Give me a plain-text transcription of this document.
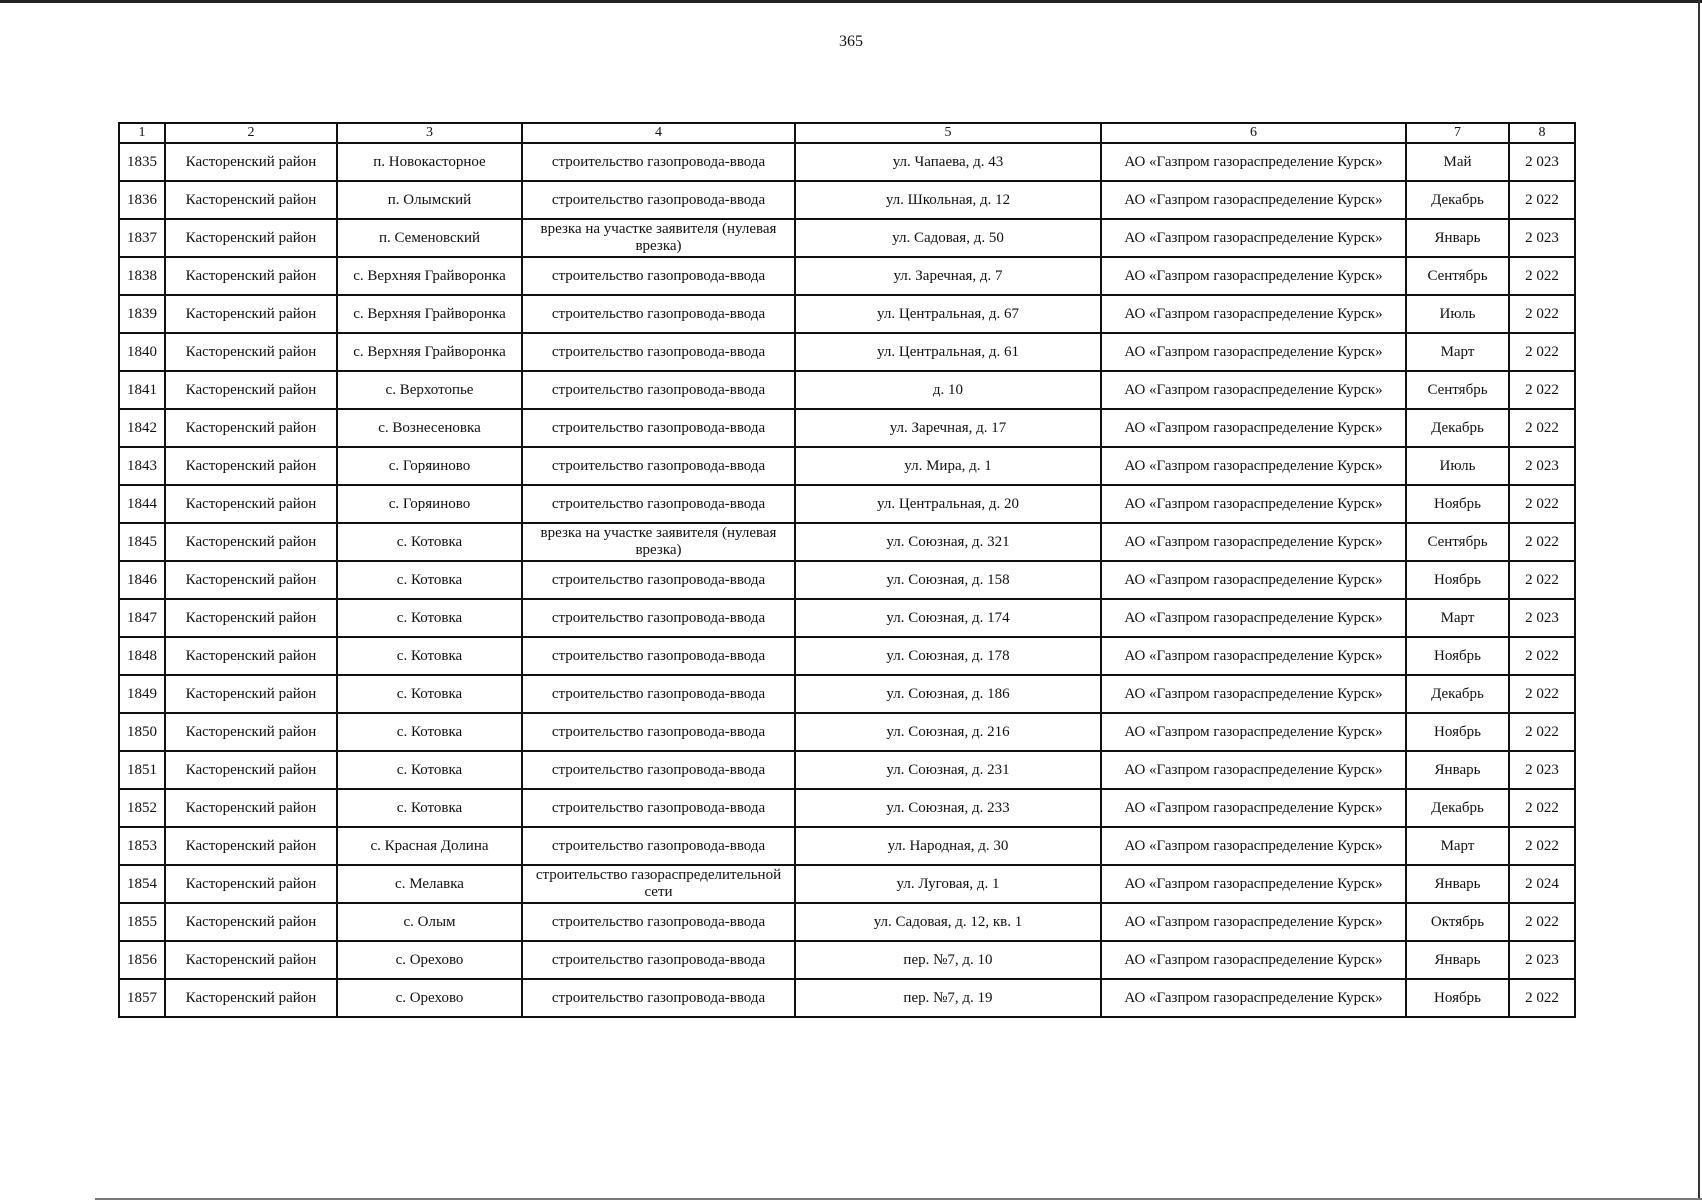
365
1	2	3	4	5	6	7	8
1835	Касторенский район	п. Новокасторное	строительство газопровода-ввода	ул. Чапаева, д. 43	АО «Газпром газораспределение Курск»	Май	2 023
1836	Касторенский район	п. Олымский	строительство газопровода-ввода	ул. Школьная, д. 12	АО «Газпром газораспределение Курск»	Декабрь	2 022
1837	Касторенский район	п. Семеновский	врезка на участке заявителя (нулевая врезка)	ул. Садовая, д. 50	АО «Газпром газораспределение Курск»	Январь	2 023
1838	Касторенский район	с. Верхняя Грайворонка	строительство газопровода-ввода	ул. Заречная, д. 7	АО «Газпром газораспределение Курск»	Сентябрь	2 022
1839	Касторенский район	с. Верхняя Грайворонка	строительство газопровода-ввода	ул. Центральная, д. 67	АО «Газпром газораспределение Курск»	Июль	2 022
1840	Касторенский район	с. Верхняя Грайворонка	строительство газопровода-ввода	ул. Центральная, д. 61	АО «Газпром газораспределение Курск»	Март	2 022
1841	Касторенский район	с. Верхотопье	строительство газопровода-ввода	д. 10	АО «Газпром газораспределение Курск»	Сентябрь	2 022
1842	Касторенский район	с. Вознесеновка	строительство газопровода-ввода	ул. Заречная, д. 17	АО «Газпром газораспределение Курск»	Декабрь	2 022
1843	Касторенский район	с. Горяиново	строительство газопровода-ввода	ул. Мира, д. 1	АО «Газпром газораспределение Курск»	Июль	2 023
1844	Касторенский район	с. Горяиново	строительство газопровода-ввода	ул. Центральная, д. 20	АО «Газпром газораспределение Курск»	Ноябрь	2 022
1845	Касторенский район	с. Котовка	врезка на участке заявителя (нулевая врезка)	ул. Союзная, д. 321	АО «Газпром газораспределение Курск»	Сентябрь	2 022
1846	Касторенский район	с. Котовка	строительство газопровода-ввода	ул. Союзная, д. 158	АО «Газпром газораспределение Курск»	Ноябрь	2 022
1847	Касторенский район	с. Котовка	строительство газопровода-ввода	ул. Союзная, д. 174	АО «Газпром газораспределение Курск»	Март	2 023
1848	Касторенский район	с. Котовка	строительство газопровода-ввода	ул. Союзная, д. 178	АО «Газпром газораспределение Курск»	Ноябрь	2 022
1849	Касторенский район	с. Котовка	строительство газопровода-ввода	ул. Союзная, д. 186	АО «Газпром газораспределение Курск»	Декабрь	2 022
1850	Касторенский район	с. Котовка	строительство газопровода-ввода	ул. Союзная, д. 216	АО «Газпром газораспределение Курск»	Ноябрь	2 022
1851	Касторенский район	с. Котовка	строительство газопровода-ввода	ул. Союзная, д. 231	АО «Газпром газораспределение Курск»	Январь	2 023
1852	Касторенский район	с. Котовка	строительство газопровода-ввода	ул. Союзная, д. 233	АО «Газпром газораспределение Курск»	Декабрь	2 022
1853	Касторенский район	с. Красная Долина	строительство газопровода-ввода	ул. Народная, д. 30	АО «Газпром газораспределение Курск»	Март	2 022
1854	Касторенский район	с. Мелавка	строительство газораспределительной сети	ул. Луговая, д. 1	АО «Газпром газораспределение Курск»	Январь	2 024
1855	Касторенский район	с. Олым	строительство газопровода-ввода	ул. Садовая, д. 12, кв. 1	АО «Газпром газораспределение Курск»	Октябрь	2 022
1856	Касторенский район	с. Орехово	строительство газопровода-ввода	пер. №7, д. 10	АО «Газпром газораспределение Курск»	Январь	2 023
1857	Касторенский район	с. Орехово	строительство газопровода-ввода	пер. №7, д. 19	АО «Газпром газораспределение Курск»	Ноябрь	2 022
